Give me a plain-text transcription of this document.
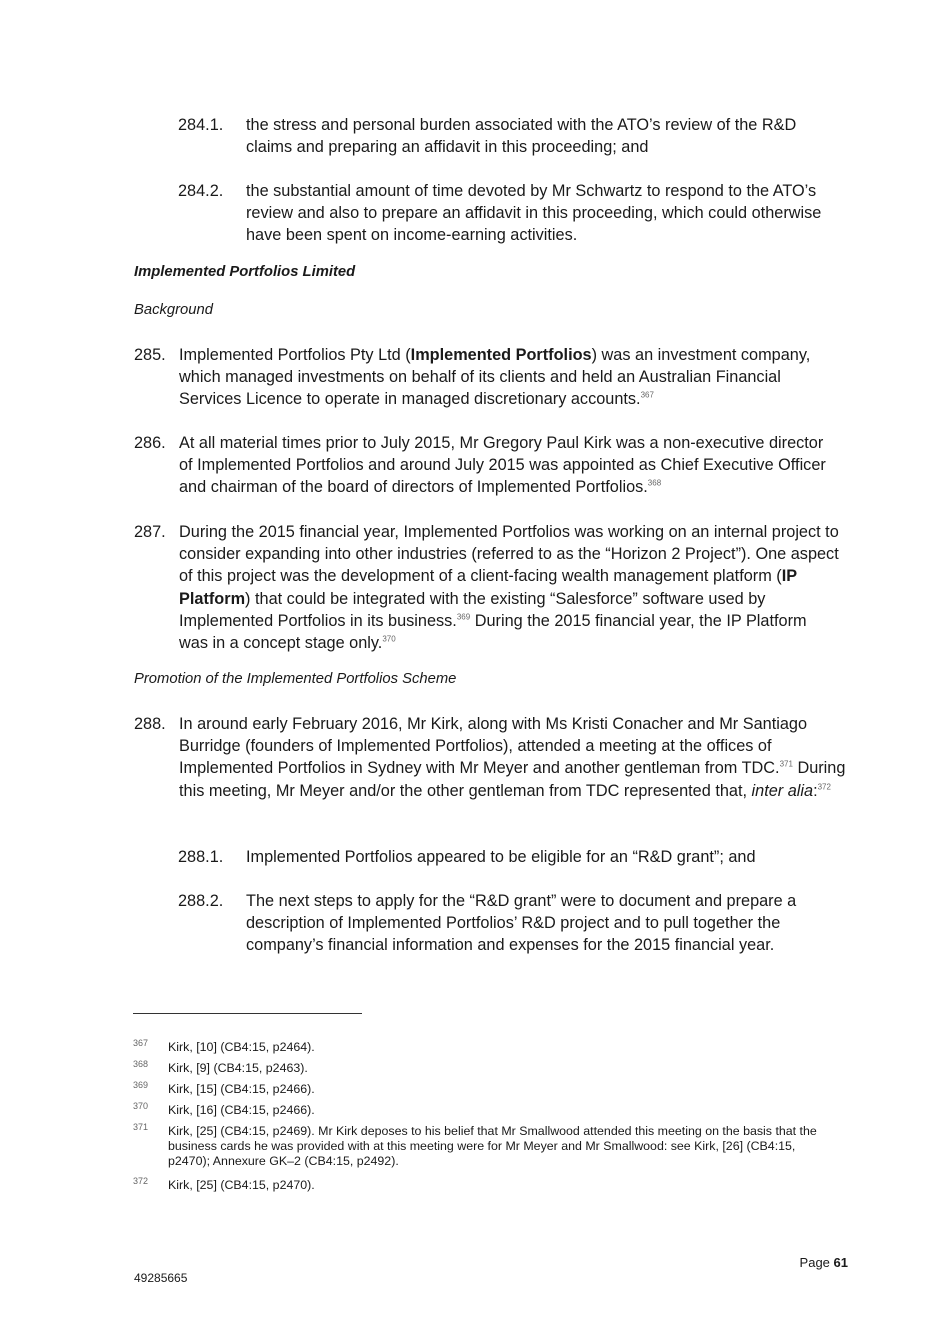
284.1. the stress and personal burden associated with the ATO’s review of the R&D claims and preparing an affidavit in this proceeding; and
284.2. the substantial amount of time devoted by Mr Schwartz to respond to the ATO’s review and also to prepare an affidavit in this proceeding, which could otherwise have been spent on income-earning activities.
Implemented Portfolios Limited
Background
285. Implemented Portfolios Pty Ltd (Implemented Portfolios) was an investment company, which managed investments on behalf of its clients and held an Australian Financial Services Licence to operate in managed discretionary accounts.$^{367}$
286. At all material times prior to July 2015, Mr Gregory Paul Kirk was a non-executive director of Implemented Portfolios and around July 2015 was appointed as Chief Executive Officer and chairman of the board of directors of Implemented Portfolios.$^{368}$
287. During the 2015 financial year, Implemented Portfolios was working on an internal project to consider expanding into other industries (referred to as the “Horizon 2 Project”). One aspect of this project was the development of a client-facing wealth management platform (IP Platform) that could be integrated with the existing “Salesforce” software used by Implemented Portfolios in its business.$^{369}$ During the 2015 financial year, the IP Platform was in a concept stage only.$^{370}$
Promotion of the Implemented Portfolios Scheme
288. In around early February 2016, Mr Kirk, along with Ms Kristi Conacher and Mr Santiago Burridge (founders of Implemented Portfolios), attended a meeting at the offices of Implemented Portfolios in Sydney with Mr Meyer and another gentleman from TDC.$^{371}$ During this meeting, Mr Meyer and/or the other gentleman from TDC represented that, inter alia:$^{372}$
288.1. Implemented Portfolios appeared to be eligible for an “R&D grant”; and
288.2. The next steps to apply for the “R&D grant” were to document and prepare a description of Implemented Portfolios’ R&D project and to pull together the company’s financial information and expenses for the 2015 financial year.
367 Kirk, [10] (CB4:15, p2464).
368 Kirk, [9] (CB4:15, p2463).
369 Kirk, [15] (CB4:15, p2466).
370 Kirk, [16] (CB4:15, p2466).
371 Kirk, [25] (CB4:15, p2469). Mr Kirk deposes to his belief that Mr Smallwood attended this meeting on the basis that the business cards he was provided with at this meeting were for Mr Meyer and Mr Smallwood: see Kirk, [26] (CB4:15, p2470); Annexure GK–2 (CB4:15, p2492).
372 Kirk, [25] (CB4:15, p2470).
Page 61
49285665
